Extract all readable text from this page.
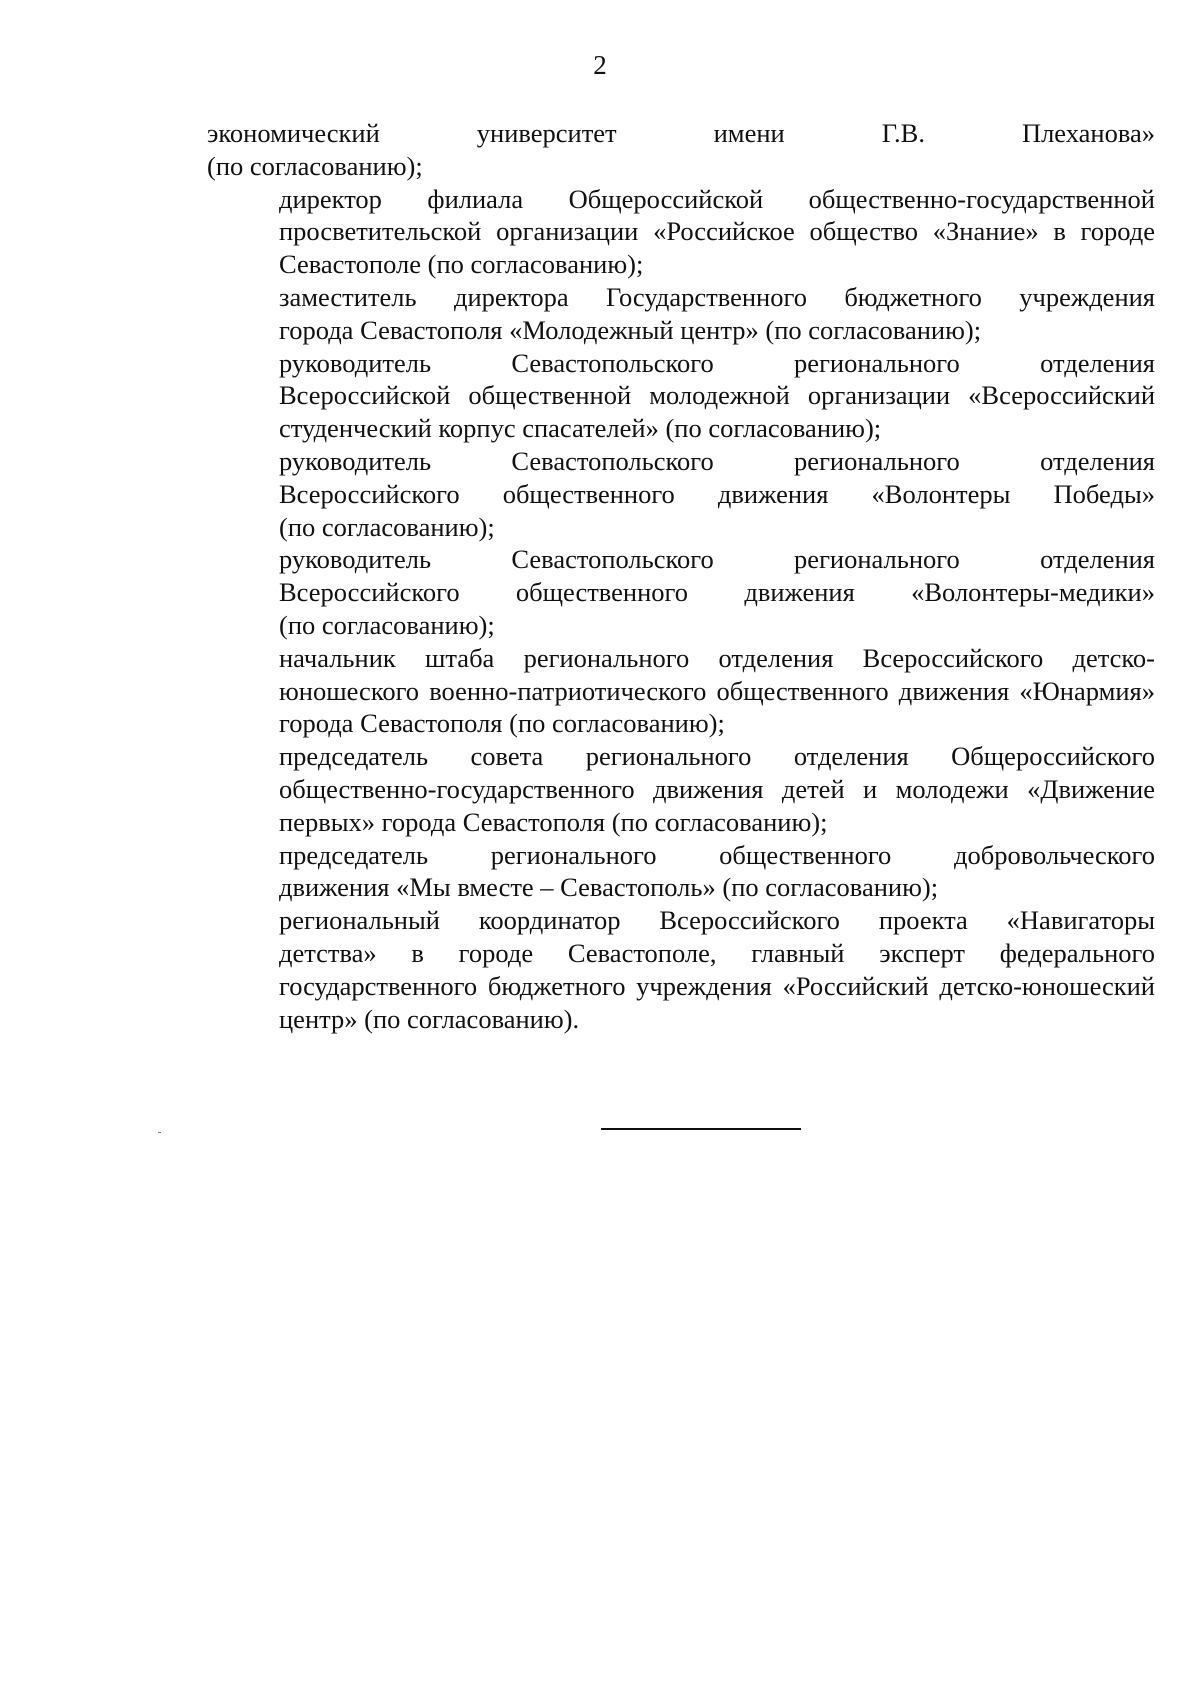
2

экономический университет имени Г.В. Плеханова»
(по согласованию);

директор филиала Общероссийской общественно-государственной
просветительской организации «Российское общество «Знание» в городе
Севастополе (по согласованию);

заместитель директора Государственного бюджетного учреждения
города Севастополя «Молодежный центр» (по согласованию);

руководитель Севастопольского регионального отделения
Всероссийской общественной молодежной организации «Всероссийский
студенческий корпус спасателей» (по согласованию);

руководитель Севастопольского регионального отделения
Всероссийского общественного движения «Волонтеры Победы»
(по согласованию);

руководитель Севастопольского регионального отделения
Всероссийского общественного движения «Волонтеры-медики»
(по согласованию);

начальник штаба регионального отделения Всероссийского детско-
юношеского военно-патриотического общественного движения «Юнармия»
города Севастополя (по согласованию);

председатель совета регионального отделения Общероссийского
общественно-государственного движения детей и молодежи «Движение
первых» города Севастополя (по согласованию);

председатель регионального общественного добровольческого
движения «Мы вместе – Севастополь» (по согласованию);

региональный координатор Всероссийского проекта «Навигаторы
детства» в городе Севастополе, главный эксперт федерального
государственного бюджетного учреждения «Российский детско-юношеский
центр» (по согласованию).
